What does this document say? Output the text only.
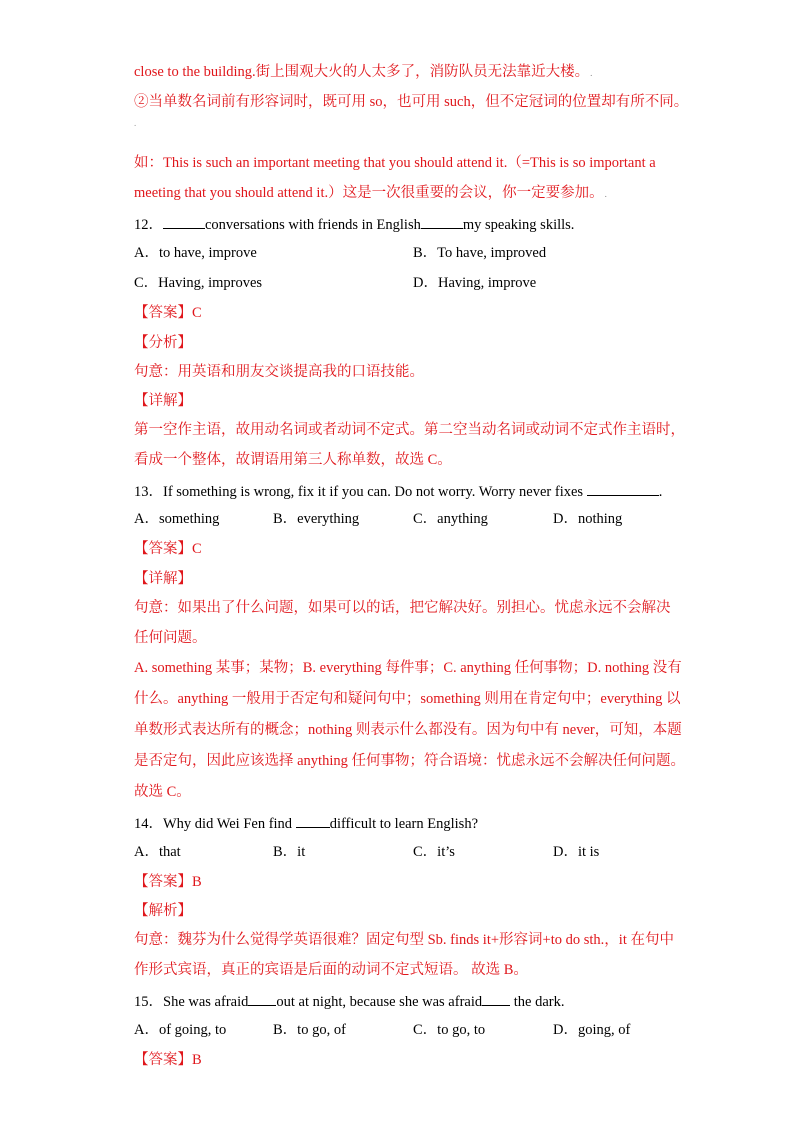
close to the building.街上围观大火的人太多了，消防队员无法靠近大楼。.
②当单数名词前有形容词时，既可用 so，也可用 such，但不定冠词的位置却有所不同。
.
如：This is such an important meeting that you should attend it.（=This is so important a
meeting that you should attend it.）这是一次很重要的会议，你一定要参加。.
12．	conversations with friends in English	my speaking skills.
A．to have, improve	B．To have, improved
C．Having, improves	D．Having, improve
【答案】C
【分析】
句意：用英语和朋友交谈提高我的口语技能。
【详解】
第一空作主语，故用动名词或者动词不定式。第二空当动名词或动词不定式作主语时，
看成一个整体，故谓语用第三人称单数，故选 C。
13．If something is wrong, fix it if you can. Do not worry. Worry never fixes	.
A．something	B．everything	C．anything	D．nothing
【答案】C
【详解】
句意：如果出了什么问题，如果可以的话，把它解决好。别担心。忧虑永远不会解决
任何问题。
A. something 某事；某物；B. everything 每件事；C. anything 任何事物；D. nothing 没有
什么。anything 一般用于否定句和疑问句中；something 则用在肯定句中；everything 以
单数形式表达所有的概念；nothing 则表示什么都没有。因为句中有 never，可知，本题
是否定句，因此应该选择 anything 任何事物；符合语境：忧虑永远不会解决任何问题。
故选 C。
14．Why did Wei Fen find	difficult to learn English?
A．that	B．it	C．it’s	D．it is
【答案】B
【解析】
句意：魏芬为什么觉得学英语很难？固定句型 Sb. finds it+形容词+to do sth.，it 在句中
作形式宾语，真正的宾语是后面的动词不定式短语。 故选 B。
15．She was afraid out at night, because she was afraid the dark.
A．of going, to	B．to go, of	C．to go, to	D．going, of
【答案】B
